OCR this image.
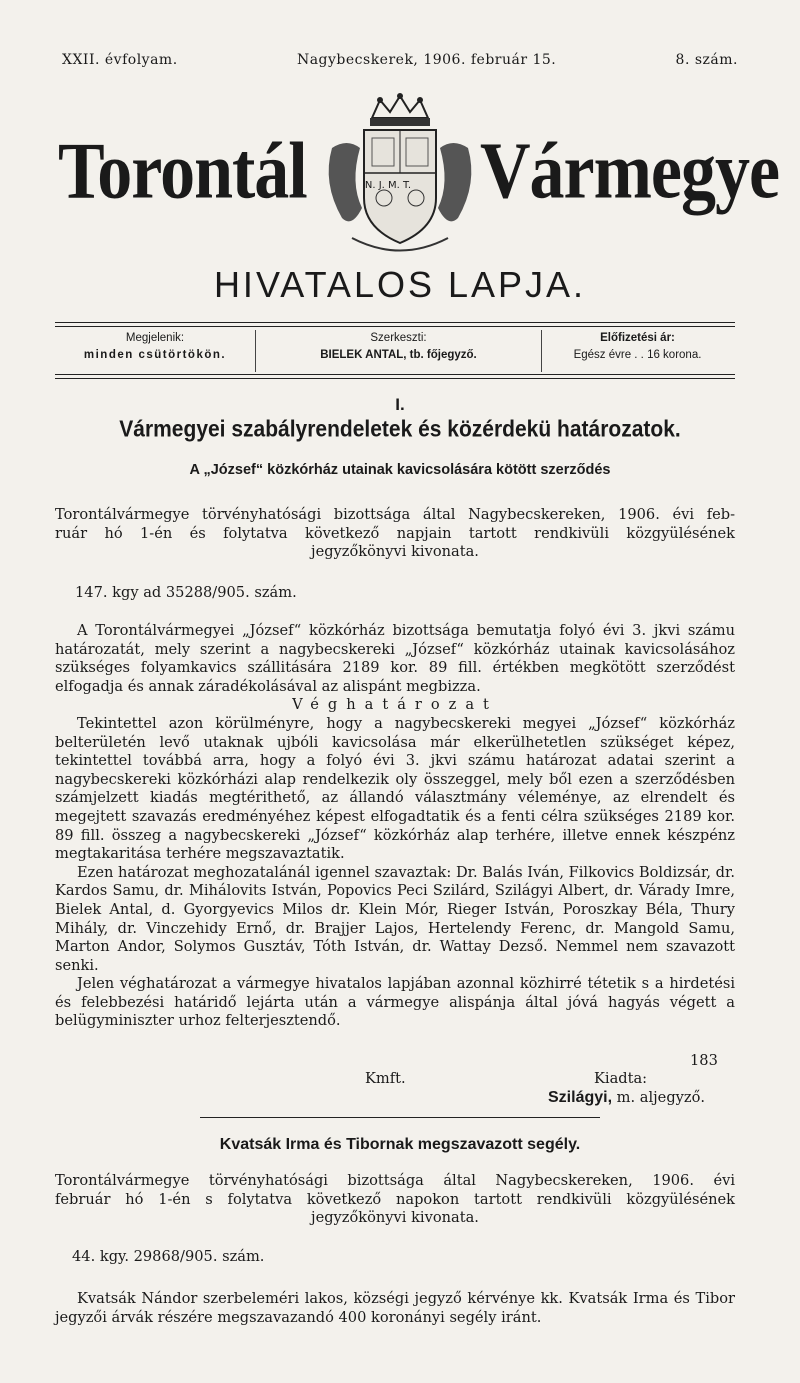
XXII. évfolyam.	Nagybecskerek, 1906. február 15.	8. szám.
Torontál	N. J. M. T. Vármegye
HIVATALOS LAPJA.
Megjelenik:
minden csütörtökön.
Szerkeszti:
BIELEK ANTAL, tb. főjegyző.
Előfizetési ár:
Egész évre . . 16 korona.
I.
Vármegyei szabályrendeletek és közérdekü határozatok.
A „József“ közkórház utainak kavicsolására kötött szerződés

Torontálvármegye törvényhatósági bizottsága által Nagybecskereken, 1906. évi feb-

ruár hó 1-én és folytatva következő napjain tartott rendkivüli közgyülésének

jegyzőkönyvi kivonata.

147. kgy ad 35288/905. szám.

A Torontálvármegyei „József“ közkórház bizottsága bemutatja folyó évi 3. jkvi számu határozatát, mely szerint a nagybecskereki „József“ közkórház utainak kavicsolásához szükséges folyamkavics szállitására 2189 kor. 89 fill. értékben megkötött szerződést elfogadja és annak záradékolásával az alispánt megbizza.

Véghatározat

Tekintettel azon körülményre, hogy a nagybecskereki megyei „József“ közkórház belterületén levő utaknak ujbóli kavicsolása már elkerülhetetlen szükséget képez, tekintettel továbbá arra, hogy a folyó évi 3. jkvi számu határozat adatai szerint a nagybecskereki közkórházi alap rendelkezik oly összeggel, mely ből ezen a szerződésben számjelzett kiadás megtérithető, az állandó választmány véleménye, az elrendelt és megejtett szavazás eredményéhez képest elfogadtatik és a fenti célra szükséges 2189 kor. 89 fill. összeg a nagybecskereki „József“ közkórház alap terhére, illetve ennek készpénz megtakaritása terhére megszavaztatik.

Ezen határozat meghozatalánál igennel szavaztak: Dr. Balás Iván, Filkovics Boldizsár, dr. Kardos Samu, dr. Mihálovits István, Popovics Peci Szilárd, Szilágyi Albert, dr. Várady Imre, Bielek Antal, d. Gyorgyevics Milos dr. Klein Mór, Rieger István, Poroszkay Béla, Thury Mihály, dr. Vinczehidy Ernő, dr. Brajjer Lajos, Hertelendy Ferenc, dr. Mangold Samu, Marton Andor, Solymos Gusztáv, Tóth István, dr. Wattay Dezső. Nemmel nem szavazott senki.

Jelen véghatározat a vármegye hivatalos lapjában azonnal közhirré tétetik s a hirdetési és felebbezési határidő lejárta után a vármegye alispánja által jóvá hagyás végett a belügyminiszter urhoz felterjesztendő.

183
Kmft.	Kiadta:
Szilágyi, m. aljegyző.
Kvatsák Irma és Tibornak megszavazott segély.

Torontálvármegye törvényhatósági bizottsága által Nagybecskereken, 1906. évi

február hó 1-én s folytatva következő napokon tartott rendkivüli közgyülésének

jegyzőkönyvi kivonata.

44. kgy. 29868/905. szám.

Kvatsák Nándor szerbeleméri lakos, községi jegyző kérvénye kk. Kvatsák Irma és Tibor jegyzői árvák részére megszavazandó 400 koronányi segély iránt.
